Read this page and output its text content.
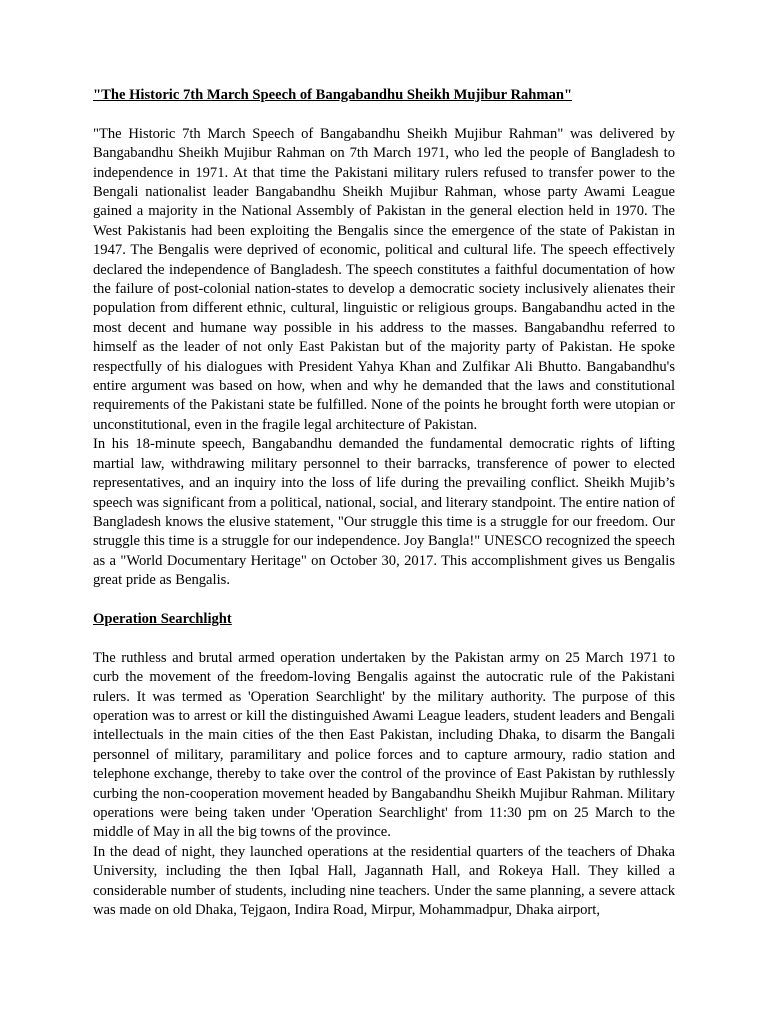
"The Historic 7th March Speech of Bangabandhu Sheikh Mujibur Rahman"

"The Historic 7th March Speech of Bangabandhu Sheikh Mujibur Rahman" was delivered by Bangabandhu Sheikh Mujibur Rahman on 7th March 1971, who led the people of Bangladesh to independence in 1971. At that time the Pakistani military rulers refused to transfer power to the Bengali nationalist leader Bangabandhu Sheikh Mujibur Rahman, whose party Awami League gained a majority in the National Assembly of Pakistan in the general election held in 1970. The West Pakistanis had been exploiting the Bengalis since the emergence of the state of Pakistan in 1947. The Bengalis were deprived of economic, political and cultural life. The speech effectively declared the independence of Bangladesh. The speech constitutes a faithful documentation of how the failure of post-colonial nation-states to develop a democratic society inclusively alienates their population from different ethnic, cultural, linguistic or religious groups. Bangabandhu acted in the most decent and humane way possible in his address to the masses. Bangabandhu referred to himself as the leader of not only East Pakistan but of the majority party of Pakistan. He spoke respectfully of his dialogues with President Yahya Khan and Zulfikar Ali Bhutto. Bangabandhu's entire argument was based on how, when and why he demanded that the laws and constitutional requirements of the Pakistani state be fulfilled. None of the points he brought forth were utopian or unconstitutional, even in the fragile legal architecture of Pakistan.

In his 18-minute speech, Bangabandhu demanded the fundamental democratic rights of lifting martial law, withdrawing military personnel to their barracks, transference of power to elected representatives, and an inquiry into the loss of life during the prevailing conflict. Sheikh Mujib’s speech was significant from a political, national, social, and literary standpoint. The entire nation of Bangladesh knows the elusive statement, "Our struggle this time is a struggle for our freedom. Our struggle this time is a struggle for our independence. Joy Bangla!" UNESCO recognized the speech as a "World Documentary Heritage" on October 30, 2017. This accomplishment gives us Bengalis great pride as Bengalis.

Operation Searchlight

The ruthless and brutal armed operation undertaken by the Pakistan army on 25 March 1971 to curb the movement of the freedom-loving Bengalis against the autocratic rule of the Pakistani rulers. It was termed as 'Operation Searchlight' by the military authority. The purpose of this operation was to arrest or kill the distinguished Awami League leaders, student leaders and Bengali intellectuals in the main cities of the then East Pakistan, including Dhaka, to disarm the Bangali personnel of military, paramilitary and police forces and to capture armoury, radio station and telephone exchange, thereby to take over the control of the province of East Pakistan by ruthlessly curbing the non-cooperation movement headed by Bangabandhu Sheikh Mujibur Rahman. Military operations were being taken under 'Operation Searchlight' from 11:30 pm on 25 March to the middle of May in all the big towns of the province.

In the dead of night, they launched operations at the residential quarters of the teachers of Dhaka University, including the then Iqbal Hall, Jagannath Hall, and Rokeya Hall. They killed a considerable number of students, including nine teachers. Under the same planning, a severe attack was made on old Dhaka, Tejgaon, Indira Road, Mirpur, Mohammadpur, Dhaka airport,
